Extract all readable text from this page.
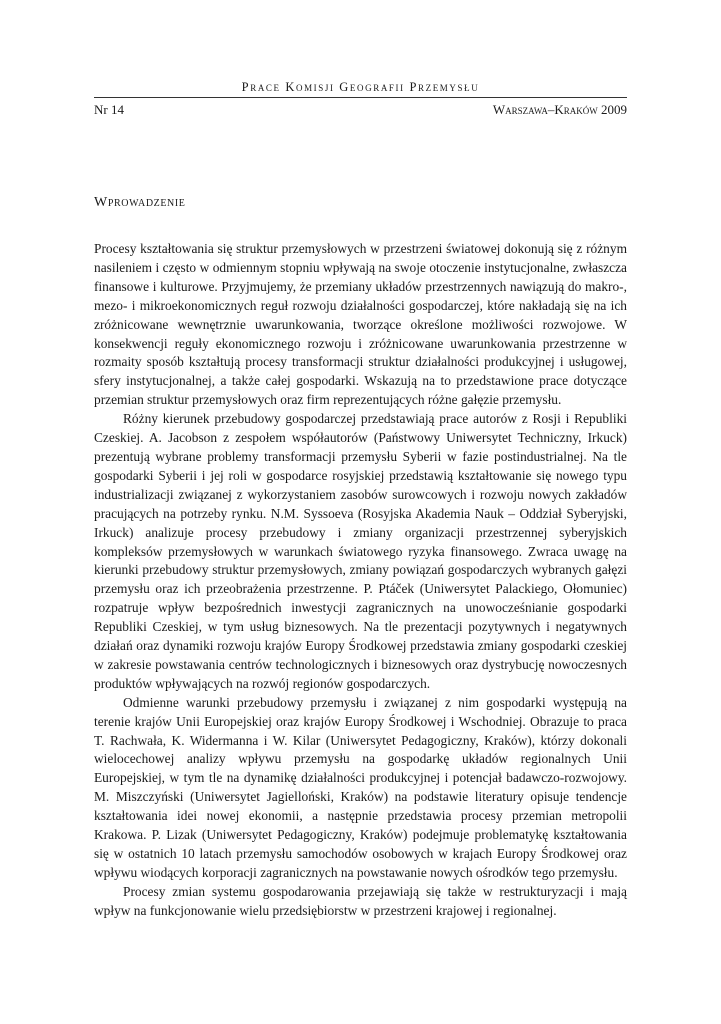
Prace Komisji Geografii Przemysłu
Nr 14	Warszawa–Kraków 2009
Wprowadzenie

Procesy kształtowania się struktur przemysłowych w przestrzeni światowej dokonują się z różnym nasileniem i często w odmiennym stopniu wpływają na swoje otoczenie instytucjonalne, zwłaszcza finansowe i kulturowe. Przyjmujemy, że przemiany układów przestrzennych nawiązują do makro-, mezo- i mikroekonomicznych reguł rozwoju działalności gospodarczej, które nakładają się na ich zróżnicowane wewnętrznie uwarunkowania, tworzące określone możliwości rozwojowe. W konsekwencji reguły ekonomicznego rozwoju i zróżnicowane uwarunkowania przestrzenne w rozmaity sposób kształtują procesy transformacji struktur działalności produkcyjnej i usługowej, sfery instytucjonalnej, a także całej gospodarki. Wskazują na to przedstawione prace dotyczące przemian struktur przemysłowych oraz firm reprezentujących różne gałęzie przemysłu.

Różny kierunek przebudowy gospodarczej przedstawiają prace autorów z Rosji i Republiki Czeskiej. A. Jacobson z zespołem współautorów (Państwowy Uniwersytet Techniczny, Irkuck) prezentują wybrane problemy transformacji przemysłu Syberii w fazie postindustrialnej. Na tle gospodarki Syberii i jej roli w gospodarce rosyjskiej przedstawią kształtowanie się nowego typu industrializacji związanej z wykorzystaniem zasobów surowcowych i rozwoju nowych zakładów pracujących na potrzeby rynku. N.M. Syssoeva (Rosyjska Akademia Nauk – Oddział Syberyjski, Irkuck) analizuje procesy przebudowy i zmiany organizacji przestrzennej syberyjskich kompleksów przemysłowych w warunkach światowego ryzyka finansowego. Zwraca uwagę na kierunki przebudowy struktur przemysłowych, zmiany powiązań gospodarczych wybranych gałęzi przemysłu oraz ich przeobrażenia przestrzenne. P. Ptáček (Uniwersytet Palackiego, Ołomuniec) rozpatruje wpływ bezpośrednich inwestycji zagranicznych na unowocześnianie gospodarki Republiki Czeskiej, w tym usług biznesowych. Na tle prezentacji pozytywnych i negatywnych działań oraz dynamiki rozwoju krajów Europy Środkowej przedstawia zmiany gospodarki czeskiej w zakresie powstawania centrów technologicznych i biznesowych oraz dystrybucję nowoczesnych produktów wpływających na rozwój regionów gospodarczych.

Odmienne warunki przebudowy przemysłu i związanej z nim gospodarki występują na terenie krajów Unii Europejskiej oraz krajów Europy Środkowej i Wschodniej. Obrazuje to praca T. Rachwała, K. Widermanna i W. Kilar (Uniwersytet Pedagogiczny, Kraków), którzy dokonali wielocechowej analizy wpływu przemysłu na gospodarkę układów regionalnych Unii Europejskiej, w tym tle na dynamikę działalności produkcyjnej i potencjał badawczo-rozwojowy. M. Miszczyński (Uniwersytet Jagielloński, Kraków) na podstawie literatury opisuje tendencje kształtowania idei nowej ekonomii, a następnie przedstawia procesy przemian metropolii Krakowa. P. Lizak (Uniwersytet Pedagogiczny, Kraków) podejmuje problematykę kształtowania się w ostatnich 10 latach przemysłu samochodów osobowych w krajach Europy Środkowej oraz wpływu wiodących korporacji zagranicznych na powstawanie nowych ośrodków tego przemysłu.

Procesy zmian systemu gospodarowania przejawiają się także w restrukturyzacji i mają wpływ na funkcjonowanie wielu przedsiębiorstw w przestrzeni krajowej i regionalnej.
